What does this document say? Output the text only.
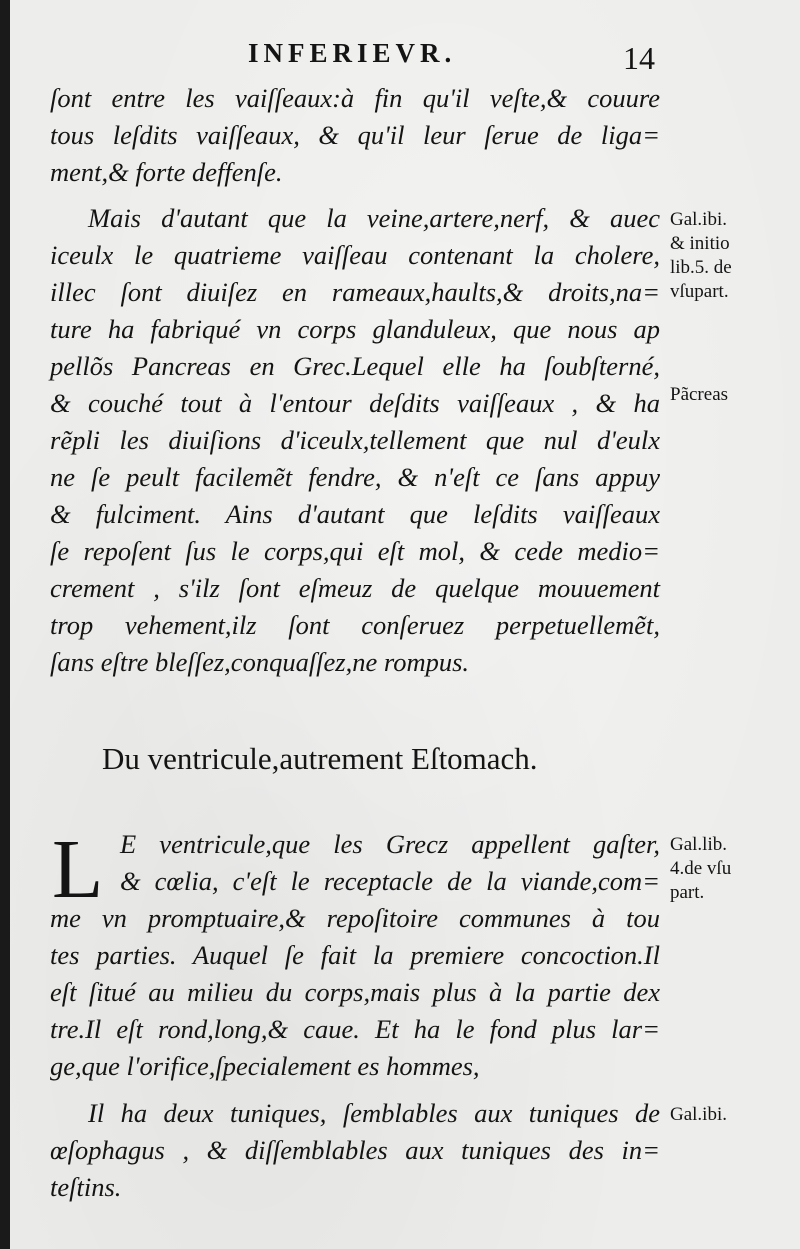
INFERIEVR.	14
ſont entre les vaiſſeaux:à fin qu'il veſte,& couure
tous leſdits vaiſſeaux, & qu'il leur ſerue de liga=
ment,& forte deffenſe.
Mais d'autant que la veine,artere,nerf, & auec
iceulx le quatrieme vaiſſeau contenant la cholere,
illec ſont diuiſez en rameaux,haults,& droits,na=
ture ha fabriqué vn corps glanduleux, que nous ap
pellõs Pancreas en Grec.Lequel elle ha ſoubſterné,
& couché tout à l'entour deſdits vaiſſeaux , & ha
rẽpli les diuiſions d'iceulx,tellement que nul d'eulx
ne ſe peult facilemẽt fendre, & n'eſt ce ſans appuy
& fulciment. Ains d'autant que leſdits vaiſſeaux
ſe repoſent ſus le corps,qui eſt mol, & cede medio=
crement , s'ilz ſont eſmeuz de quelque mouuement
trop vehement,ilz ſont conſeruez perpetuellemẽt,
ſans eſtre bleſſez,conquaſſez,ne rompus.
Du ventricule,autrement Eſtomach.
L E ventricule,que les Grecz appellent gaſter,
& cœlia, c'eſt le receptacle de la viande,com=
me vn promptuaire,& repoſitoire communes à tou
tes parties. Auquel ſe fait la premiere concoction.Il
eſt ſitué au milieu du corps,mais plus à la partie dex
tre.Il eſt rond,long,& caue. Et ha le fond plus lar=
ge,que l'orifice,ſpecialement es hommes,
Il ha deux tuniques, ſemblables aux tuniques de
œſophagus , & diſſemblables aux tuniques des in=
teſtins.
Gal.ibi.
& initio
lib.5. de
vſupart.
Pãcreas
Gal.lib.
4.de vſu
part.
Gal.ibi.
